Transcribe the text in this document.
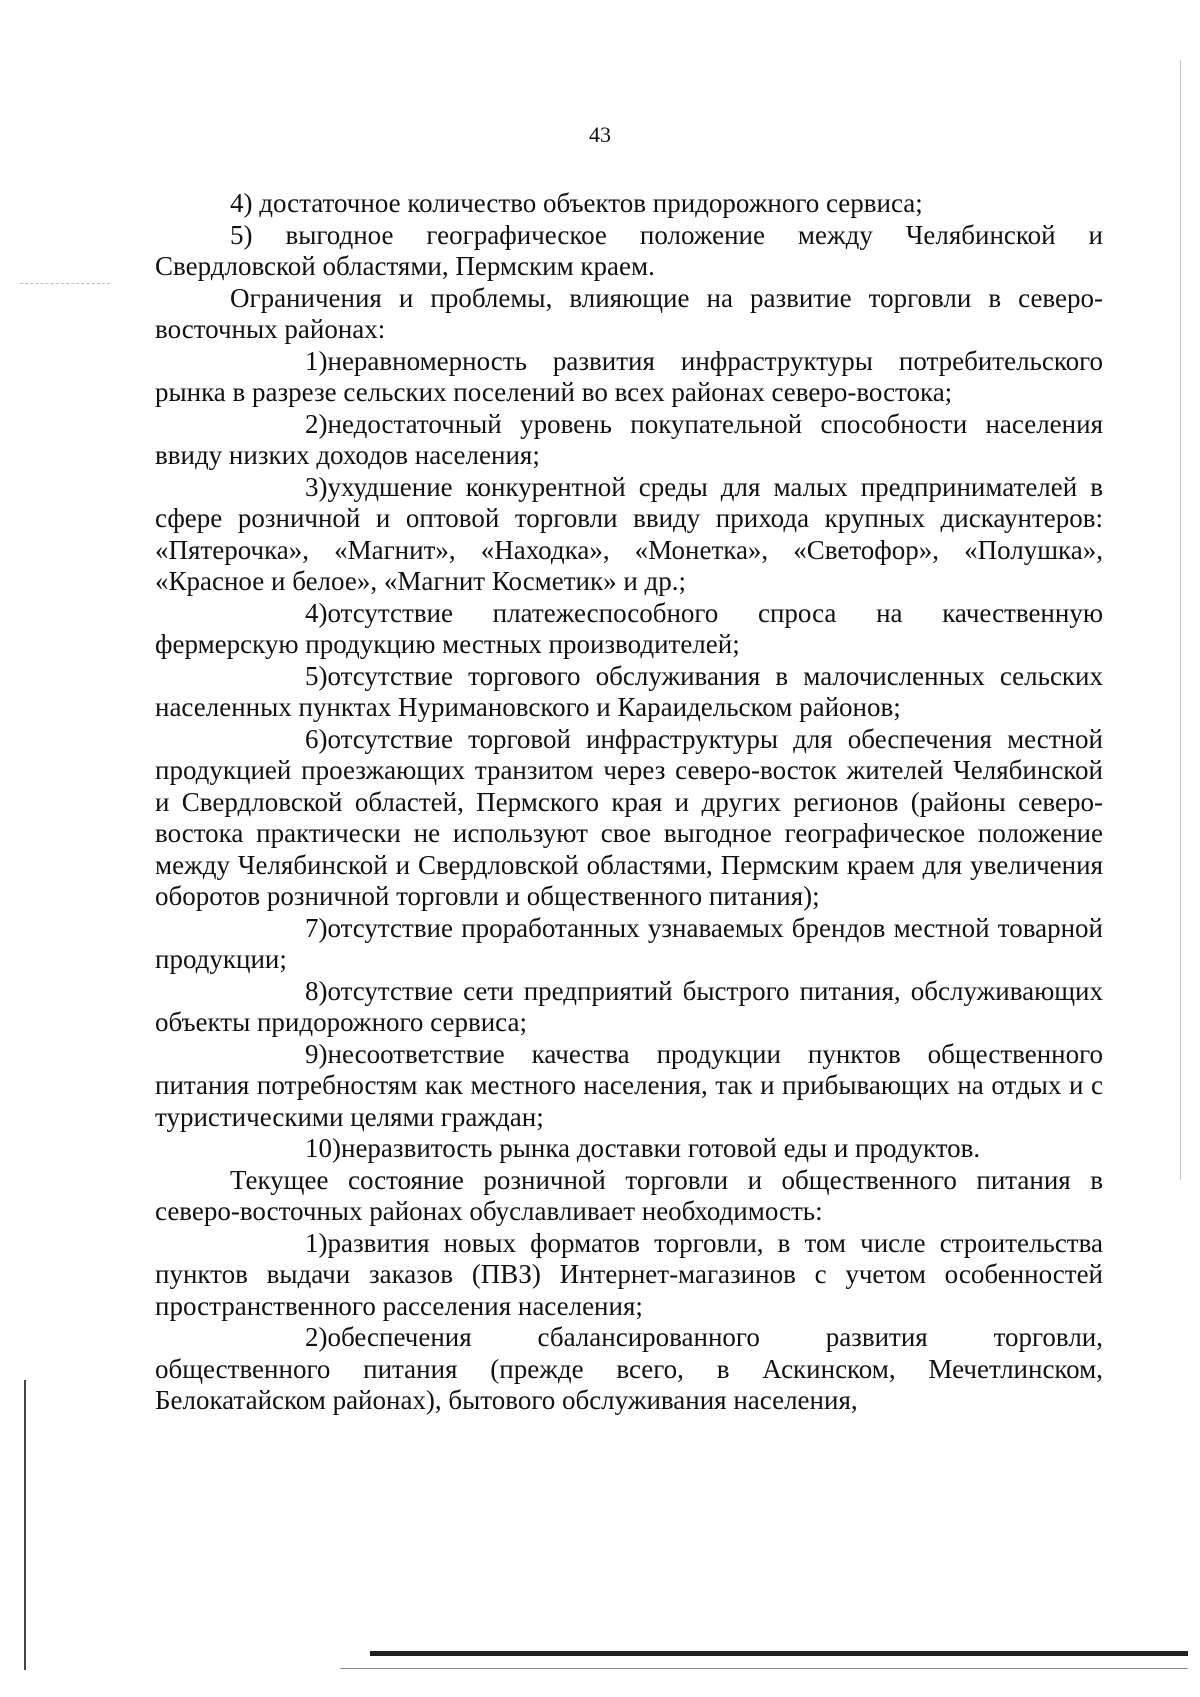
43

4) достаточное количество объектов придорожного сервиса;

5) выгодное географическое положение между Челябинской и Свердловской областями, Пермским краем.

Ограничения и проблемы, влияющие на развитие торговли в северо-восточных районах:

1)неравномерность развития инфраструктуры потребительского рынка в разрезе сельских поселений во всех районах северо-востока;

2)недостаточный уровень покупательной способности населения ввиду низких доходов населения;

3)ухудшение конкурентной среды для малых предпринимателей в сфере розничной и оптовой торговли ввиду прихода крупных дискаунтеров: «Пятерочка», «Магнит», «Находка», «Монетка», «Светофор», «Полушка», «Красное и белое», «Магнит Косметик» и др.;

4)отсутствие платежеспособного спроса на качественную фермерскую продукцию местных производителей;

5)отсутствие торгового обслуживания в малочисленных сельских населенных пунктах Нуримановского и Караидельском районов;

6)отсутствие торговой инфраструктуры для обеспечения местной продукцией проезжающих транзитом через северо-восток жителей Челябинской и Свердловской областей, Пермского края и других регионов (районы северо-востока практически не используют свое выгодное географическое положение между Челябинской и Свердловской областями, Пермским краем для увеличения оборотов розничной торговли и общественного питания);

7)отсутствие проработанных узнаваемых брендов местной товарной продукции;

8)отсутствие сети предприятий быстрого питания, обслуживающих объекты придорожного сервиса;

9)несоответствие качества продукции пунктов общественного питания потребностям как местного населения, так и прибывающих на отдых и с туристическими целями граждан;

10)неразвитость рынка доставки готовой еды и продуктов.

Текущее состояние розничной торговли и общественного питания в северо-восточных районах обуславливает необходимость:

1)развития новых форматов торговли, в том числе строительства пунктов выдачи заказов (ПВЗ) Интернет-магазинов с учетом особенностей пространственного расселения населения;

2)обеспечения сбалансированного развития торговли, общественного питания (прежде всего, в Аскинском, Мечетлинском, Белокатайском районах), бытового обслуживания населения,
